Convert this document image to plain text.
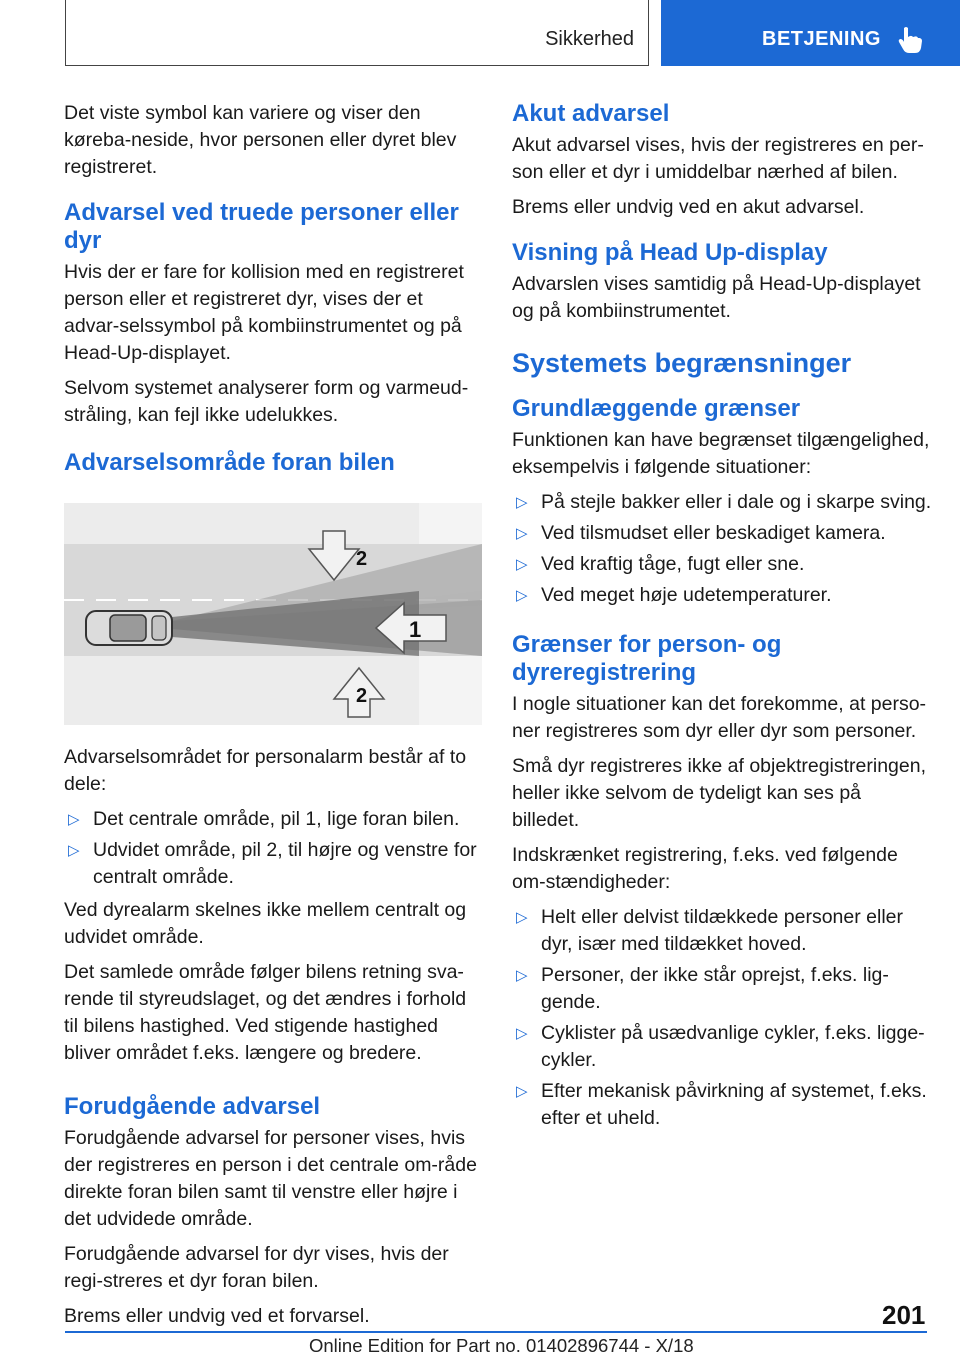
Sikkerhed	BETJENING

Det viste symbol kan variere og viser den køreba-neside, hvor personen eller dyret blev registreret.

Advarsel ved truede personer eller dyr

Hvis der er fare for kollision med en registreret person eller et registreret dyr, vises der et advar-selssymbol på kombiinstrumentet og på Head-Up-displayet.

Selvom systemet analyserer form og varmeud-stråling, kan fejl ikke udelukkes.

Advarselsområde foran bilen
1
2
2

Advarselsområdet for personalarm består af to dele:

▷ Det centrale område, pil 1, lige foran bilen.
▷ Udvidet område, pil 2, til højre og venstre for centralt område.

Ved dyrealarm skelnes ikke mellem centralt og udvidet område.

Det samlede område følger bilens retning sva-rende til styreudslaget, og det ændres i forhold til bilens hastighed. Ved stigende hastighed bliver området f.eks. længere og bredere.

Forudgående advarsel

Forudgående advarsel for personer vises, hvis der registreres en person i det centrale om-råde direkte foran bilen samt til venstre eller højre i det udvidede område.

Forudgående advarsel for dyr vises, hvis der regi-streres et dyr foran bilen.

Brems eller undvig ved et forvarsel.

Akut advarsel

Akut advarsel vises, hvis der registreres en per-son eller et dyr i umiddelbar nærhed af bilen.

Brems eller undvig ved en akut advarsel.

Visning på Head Up-display

Advarslen vises samtidig på Head-Up-displayet og på kombiinstrumentet.

Systemets begrænsninger
Grundlæggende grænser

Funktionen kan have begrænset tilgængelighed, eksempelvis i følgende situationer:

▷ På stejle bakker eller i dale og i skarpe sving.
▷ Ved tilsmudset eller beskadiget kamera.
▷ Ved kraftig tåge, fugt eller sne.
▷ Ved meget høje udetemperaturer.
Grænser for person- og dyreregistrering

I nogle situationer kan det forekomme, at perso-ner registreres som dyr eller dyr som personer.

Små dyr registreres ikke af objektregistreringen, heller ikke selvom de tydeligt kan ses på billedet.

Indskrænket registrering, f.eks. ved følgende om-stændigheder:

▷ Helt eller delvist tildækkede personer eller dyr, især med tildækket hoved.
▷ Personer, der ikke står oprejst, f.eks. lig-gende.
▷ Cyklister på usædvanlige cykler, f.eks. ligge-cykler.
▷ Efter mekanisk påvirkning af systemet, f.eks. efter et uheld.
201
Online Edition for Part no. 01402896744 - X/18
